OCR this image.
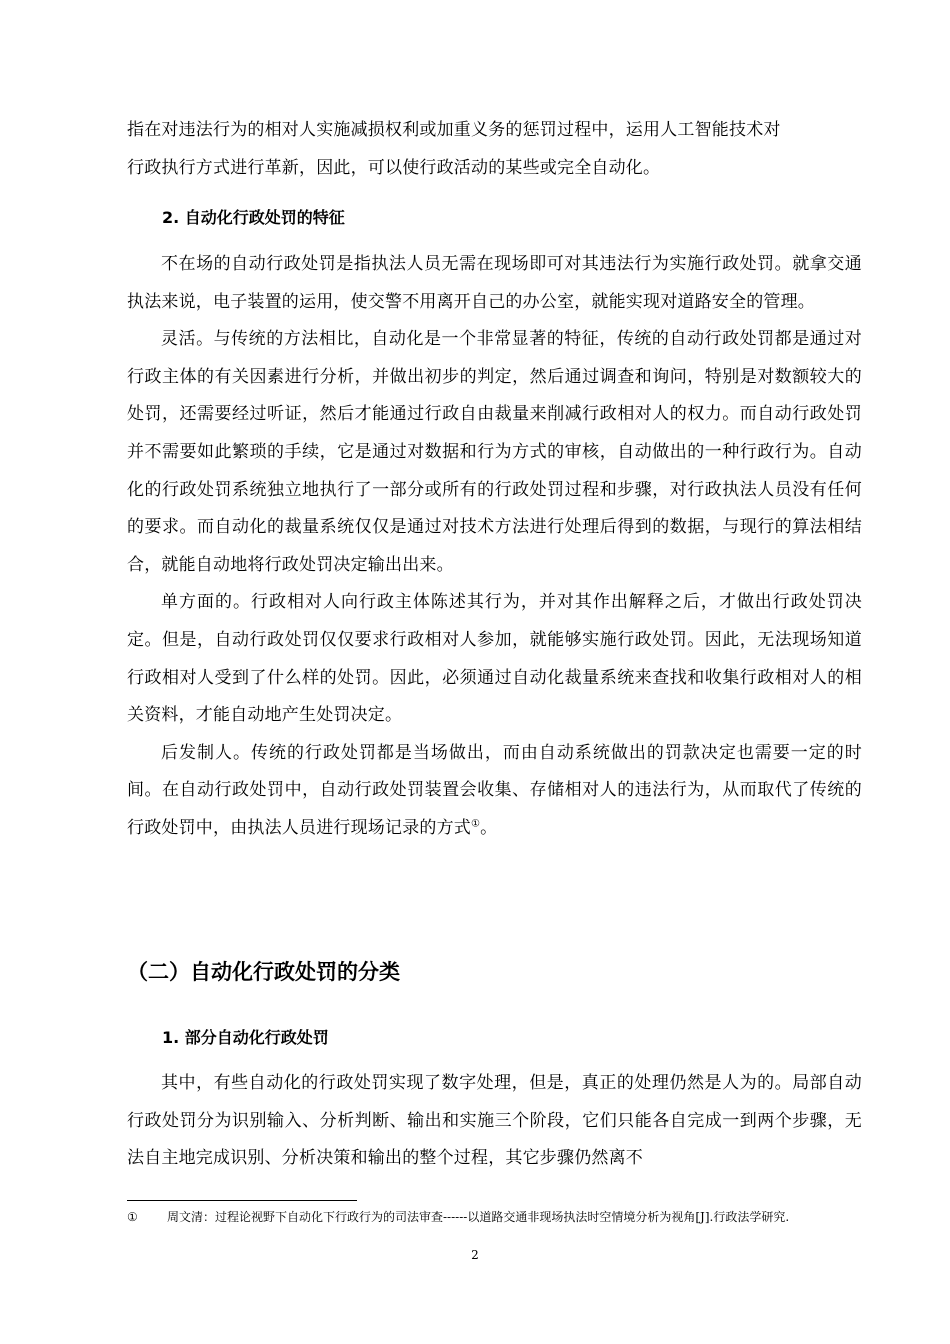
指在对违法行为的相对人实施减损权利或加重义务的惩罚过程中，运用人工智能技术对

行政执行方式进行革新，因此，可以使行政活动的某些或完全自动化。

2. 自动化行政处罚的特征

不在场的自动行政处罚是指执法人员无需在现场即可对其违法行为实施行政处罚。就拿交通执法来说，电子装置的运用，使交警不用离开自己的办公室，就能实现对道路安全的管理。

灵活。与传统的方法相比，自动化是一个非常显著的特征，传统的自动行政处罚都是通过对行政主体的有关因素进行分析，并做出初步的判定，然后通过调查和询问，特别是对数额较大的处罚，还需要经过听证，然后才能通过行政自由裁量来削减行政相对人的权力。而自动行政处罚并不需要如此繁琐的手续，它是通过对数据和行为方式的审核，自动做出的一种行政行为。自动化的行政处罚系统独立地执行了一部分或所有的行政处罚过程和步骤，对行政执法人员没有任何的要求。而自动化的裁量系统仅仅是通过对技术方法进行处理后得到的数据，与现行的算法相结合，就能自动地将行政处罚决定输出出来。

单方面的。行政相对人向行政主体陈述其行为，并对其作出解释之后，才做出行政处罚决定。但是，自动行政处罚仅仅要求行政相对人参加，就能够实施行政处罚。因此，无法现场知道行政相对人受到了什么样的处罚。因此，必须通过自动化裁量系统来查找和收集行政相对人的相关资料，才能自动地产生处罚决定。

后发制人。传统的行政处罚都是当场做出，而由自动系统做出的罚款决定也需要一定的时间。在自动行政处罚中，自动行政处罚装置会收集、存储相对人的违法行为，从而取代了传统的行政处罚中，由执法人员进行现场记录的方式①。

（二）自动化行政处罚的分类
1. 部分自动化行政处罚

其中，有些自动化的行政处罚实现了数字处理，但是，真正的处理仍然是人为的。局部自动行政处罚分为识别输入、分析判断、输出和实施三个阶段，它们只能各自完成一到两个步骤，无法自主地完成识别、分析决策和输出的整个过程，其它步骤仍然离不

① 周文清：过程论视野下自动化下行政行为的司法审查------以道路交通非现场执法时空情境分析为视角[J].行政法学研究.

2
